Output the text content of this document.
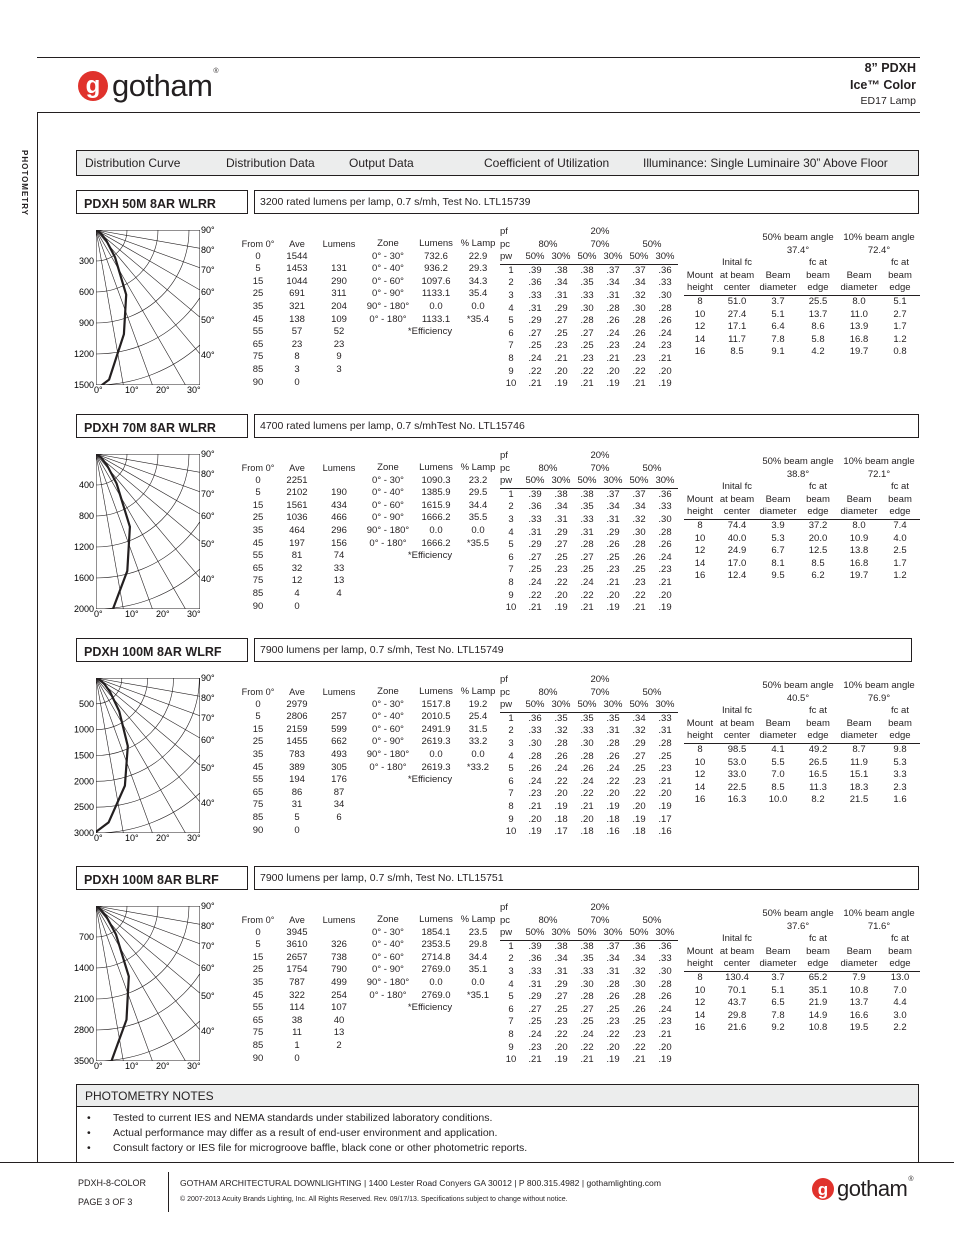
g gotham®	8” PDXH
Ice™ Color
ED17 Lamp
PHOTOMETRY	Distribution Curve	Distribution Data	Output Data	Coefficient of Utilization	Illuminance: Single Luminaire 30” Above Floor
PDXH 50M 8AR WLRR	3200 rated lumens per lamp, 0.7 s/mh, Test No. LTL15739
300
600
900
1200
1500
90°
80°
70°
60°
50°
40°
0° 10° 20° 30°
From 0°	Ave	Lumens
0	1544	
5	1453	131
15	1044	290
25	691	311
35	321	204
45	138	109
55	57	52
65	23	23
75	8	9
85	3	3
90	0	
Zone	Lumens	% Lamp
0° - 30°	732.6	22.9
0° - 40°	936.2	29.3
0° - 60°	1097.6	34.3
0° - 90°	1133.1	35.4
90° - 180°	0.0	0.0
0° - 180°	1133.1	*35.4
*Efficiency		
pf	20%					
pc	80%		70%		50%	
pw	50%	30%	50%	30%	50%	30%
1	.39	.38	.38	.37	.37	.36
2	.36	.34	.35	.34	.34	.33
3	.33	.31	.33	.31	.32	.30
4	.31	.29	.30	.28	.30	.28
5	.29	.27	.28	.26	.28	.26
6	.27	.25	.27	.24	.26	.24
7	.25	.23	.25	.23	.24	.23
8	.24	.21	.23	.21	.23	.21
9	.22	.20	.22	.20	.22	.20
10	.21	.19	.21	.19	.21	.19
		50% beam angle		10% beam angle	
		37.4°		72.4°	
	Inital fc		fc at		fc at
Mount	at beam	Beam	beam	Beam	beam
height	center	diameter	edge	diameter	edge
8	51.0	3.7	25.5	8.0	5.1
10	27.4	5.1	13.7	11.0	2.7
12	17.1	6.4	8.6	13.9	1.7
14	11.7	7.8	5.8	16.8	1.2
16	8.5	9.1	4.2	19.7	0.8
PDXH 70M 8AR WLRR	4700 rated lumens per lamp, 0.7 s/mhTest No. LTL15746
400
800
1200
1600
2000
90°
80°
70°
60°
50°
40°
0° 10° 20° 30°
From 0°	Ave	Lumens
0	2251	
5	2102	190
15	1561	434
25	1036	466
35	464	296
45	197	156
55	81	74
65	32	33
75	12	13
85	4	4
90	0	
Zone	Lumens	% Lamp
0° - 30°	1090.3	23.2
0° - 40°	1385.9	29.5
0° - 60°	1615.9	34.4
0° - 90°	1666.2	35.5
90° - 180°	0.0	0.0
0° - 180°	1666.2	*35.5
*Efficiency		
pf	20%					
pc	80%		70%		50%	
pw	50%	30%	50%	30%	50%	30%
1	.39	.38	.38	.37	.37	.36
2	.36	.34	.35	.34	.34	.33
3	.33	.31	.33	.31	.32	.30
4	.31	.29	.31	.29	.30	.28
5	.29	.27	.28	.26	.28	.26
6	.27	.25	.27	.25	.26	.24
7	.25	.23	.25	.23	.25	.23
8	.24	.22	.24	.21	.23	.21
9	.22	.20	.22	.20	.22	.20
10	.21	.19	.21	.19	.21	.19
		50% beam angle		10% beam angle	
		38.8°		72.1°	
	Inital fc		fc at		fc at
Mount	at beam	Beam	beam	Beam	beam
height	center	diameter	edge	diameter	edge
8	74.4	3.9	37.2	8.0	7.4
10	40.0	5.3	20.0	10.9	4.0
12	24.9	6.7	12.5	13.8	2.5
14	17.0	8.1	8.5	16.8	1.7
16	12.4	9.5	6.2	19.7	1.2
PDXH 100M 8AR WLRF	7900 lumens per lamp, 0.7 s/mh, Test No. LTL15749
500
1000
1500
2000
2500
3000
90°
80°
70°
60°
50°
40°
0° 10° 20° 30°
From 0°	Ave	Lumens
0	2979	
5	2806	257
15	2159	599
25	1455	662
35	783	493
45	389	305
55	194	176
65	86	87
75	31	34
85	5	6
90	0	
Zone	Lumens	% Lamp
0° - 30°	1517.8	19.2
0° - 40°	2010.5	25.4
0° - 60°	2491.9	31.5
0° - 90°	2619.3	33.2
90° - 180°	0.0	0.0
0° - 180°	2619.3	*33.2
*Efficiency		
pf	20%					
pc	80%		70%		50%	
pw	50%	30%	50%	30%	50%	30%
1	.36	.35	.35	.35	.34	.33
2	.33	.32	.33	.31	.32	.31
3	.30	.28	.30	.28	.29	.28
4	.28	.26	.28	.26	.27	.25
5	.26	.24	.26	.24	.25	.23
6	.24	.22	.24	.22	.23	.21
7	.23	.20	.22	.20	.22	.20
8	.21	.19	.21	.19	.20	.19
9	.20	.18	.20	.18	.19	.17
10	.19	.17	.18	.16	.18	.16
		50% beam angle		10% beam angle	
		40.5°		76.9°	
	Inital fc		fc at		fc at
Mount	at beam	Beam	beam	Beam	beam
height	center	diameter	edge	diameter	edge
8	98.5	4.1	49.2	8.7	9.8
10	53.0	5.5	26.5	11.9	5.3
12	33.0	7.0	16.5	15.1	3.3
14	22.5	8.5	11.3	18.3	2.3
16	16.3	10.0	8.2	21.5	1.6
PDXH 100M 8AR BLRF	7900 lumens per lamp, 0.7 s/mh, Test No. LTL15751
700
1400
2100
2800
3500
90°
80°
70°
60°
50°
40°
0° 10° 20° 30°
From 0°	Ave	Lumens
0	3945	
5	3610	326
15	2657	738
25	1754	790
35	787	499
45	322	254
55	114	107
65	38	40
75	11	13
85	1	2
90	0	
Zone	Lumens	% Lamp
0° - 30°	1854.1	23.5
0° - 40°	2353.5	29.8
0° - 60°	2714.8	34.4
0° - 90°	2769.0	35.1
90° - 180°	0.0	0.0
0° - 180°	2769.0	*35.1
*Efficiency		
pf	20%					
pc	80%		70%		50%	
pw	50%	30%	50%	30%	50%	30%
1	.39	.38	.38	.37	.36	.36
2	.36	.34	.35	.34	.34	.33
3	.33	.31	.33	.31	.32	.30
4	.31	.29	.30	.28	.30	.28
5	.29	.27	.28	.26	.28	.26
6	.27	.25	.27	.25	.26	.24
7	.25	.23	.25	.23	.25	.23
8	.24	.22	.24	.22	.23	.21
9	.23	.20	.22	.20	.22	.20
10	.21	.19	.21	.19	.21	.19
		50% beam angle		10% beam angle	
		37.6°		71.6°	
	Inital fc		fc at		fc at
Mount	at beam	Beam	beam	Beam	beam
height	center	diameter	edge	diameter	edge
8	130.4	3.7	65.2	7.9	13.0
10	70.1	5.1	35.1	10.8	7.0
12	43.7	6.5	21.9	13.7	4.4
14	29.8	7.8	14.9	16.6	3.0
16	21.6	9.2	10.8	19.5	2.2
PHOTOMETRY NOTES
• Tested to current IES and NEMA standards under stabilized laboratory conditions.
• Actual performance may differ as a result of end-user environment and application.
• Consult factory or IES file for microgroove baffle, black cone or other photometric reports.
PDXH-8-COLOR
PAGE 3 OF 3
GOTHAM ARCHITECTURAL DOWNLIGHTING | 1400 Lester Road Conyers GA 30012 | P 800.315.4982 | gothamlighting.com
© 2007-2013 Acuity Brands Lighting, Inc. All Rights Reserved. Rev. 09/17/13. Specifications subject to change without notice.
g gotham®
